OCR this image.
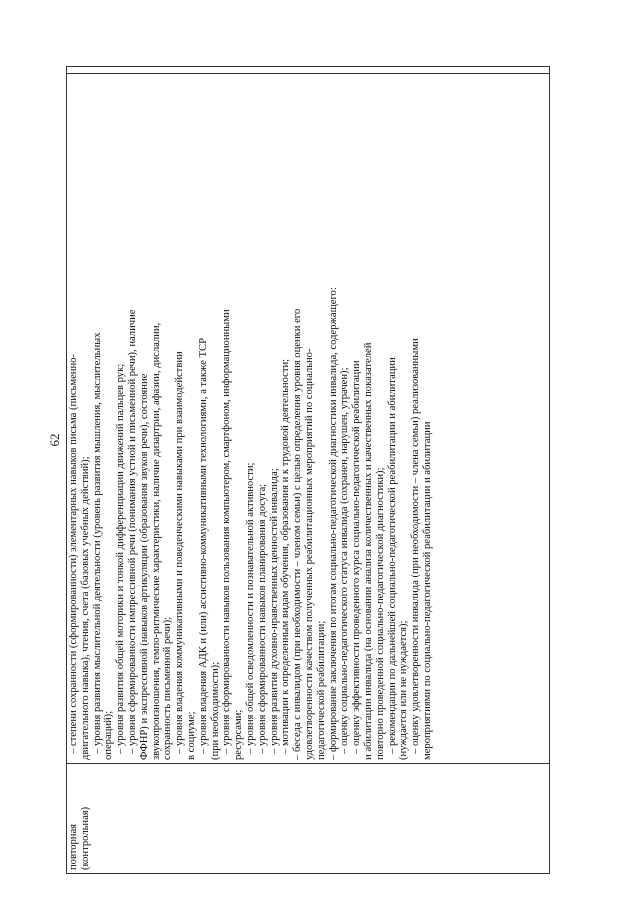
62
повторная (контрольная)

– степени сохранности (сформированности) элементарных навыков письма (письменно- двигательного навыка), чтения, счета (базовых учебных действий); – уровня развития мыслительной деятельности (уровень развития мышления, мыслительных операций); – уровня развития общей моторики и тонкой дифференциации движений пальцев рук; – уровня сформированности импрессивной речи (понимания устной и письменной речи), наличие ФФНР) и экспрессивной (навыков артикуляции (образования звуков речи), состояние звукопроизношения, темпо-ритмические характеристики, наличие дизартрии, афазии, дислалии, сохранность письменной речи); – уровня владения коммуникативными и поведенческими навыками при взаимодействии в социуме; – уровня владения АДК и (или) ассистивно-коммуникативными технологиями, а также ТСР (при необходимости); – уровня сформированности навыков пользования компьютером, смартфоном, информационными ресурсами; – уровня общей осведомленности и познавательной активности; – уровня сформированности навыков планирования досуга; – уровня развития духовно-нравственных ценностей инвалида; – мотивации к определенным видам обучения, образования и к трудовой деятельности; – беседа с инвалидом (при необходимости – членом семьи) с целью определения уровня оценки его удовлетворенности качеством полученных реабилитационных мероприятий по социально- педагогической реабилитации; – формирование заключения по итогам социально-педагогической диагностики инвалида, содержащего: – оценку социально-педагогического статуса инвалида (сохранен, нарушен, утрачен); – оценку эффективности проведенного курса социально-педагогической реабилитации и абилитации инвалида (на основании анализа количественных и качественных показателей повторно проведенной социально-педагогической диагностики); – рекомендации по дальнейшей социально-педагогической реабилитации и абилитации (нуждается или не нуждается); – оценку удовлетворенности инвалида (при необходимости – члена семьи) реализованными мероприятиями по социально-педагогической реабилитации и абилитации
